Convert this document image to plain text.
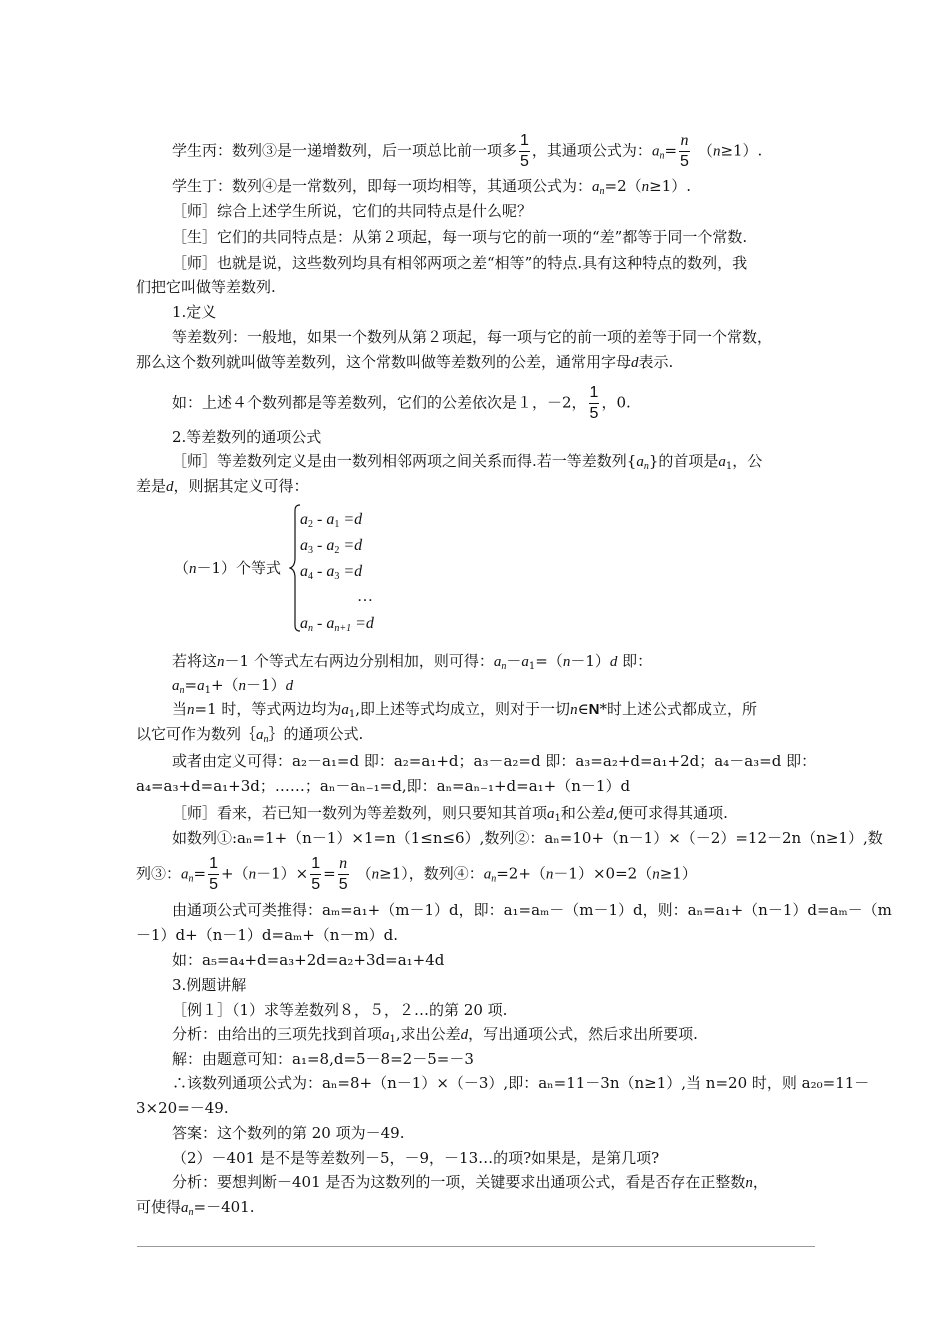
学生丙：数列③是一递增数列，后一项总比前一项多 $\frac{1}{5}$ ，其通项公式为：$a_n= \frac{n}{5} (n\ge 1)$.
学生丁：数列④是一常数列，即每一项均相等，其通项公式为：$a_n=2(n\ge 1)$.
［师］综合上述学生所说，它们的共同特点是什么呢？
［生］它们的共同特点是：从第２项起，每一项与它的前一项的“差”都等于同一个常数.
［师］也就是说，这些数列均具有相邻两项之差“相等”的特点.具有这种特点的数列，我
们把它叫做等差数列.
1.定义
等差数列：一般地，如果一个数列从第２项起，每一项与它的前一项的差等于同一个常数，
那么这个数列就叫做等差数列，这个常数叫做等差数列的公差，通常用字母d表示.
如：上述４个数列都是等差数列，它们的公差依次是１，－2， $\frac{1}{5}$ ，0.
2.等差数列的通项公式
［师］等差数列定义是由一数列相邻两项之间关系而得.若一等差数列$\{a_n\}$的首项是$a_1$，公
差是d，则据其定义可得：
（n－1）个等式
$a_2 - a_1 =d$
$a_3 - a_2 =d$
$a_4 - a_3 =d$
…
$a_n - a_{n+1} =d$
若将这n－1 个等式左右两边分别相加，则可得：$a_n-a_1=(n-1)d$ 即：
$a_n=a_1+(n-1)d$
当n=1 时，等式两边均为$a_1$,即上述等式均成立，则对于一切n∈N*时上述公式都成立，所
以它可作为数列$\{a_n\}$的通项公式.
或者由定义可得：a₂－a₁=d 即：a₂=a₁+d；a₃－a₂=d 即：a₃=a₂+d=a₁+2d；a₄－a₃=d 即：
a₄=a₃+d=a₁+3d；……；aₙ－aₙ₋₁=d,即：aₙ=aₙ₋₁+d=a₁+（n－1）d
［师］看来，若已知一数列为等差数列，则只要知其首项$a_1$和公差d,便可求得其通项.
如数列①:aₙ=1+（n－1）×1=n（1≤n≤6）,数列②：aₙ=10+（n－1）×（－2）=12－2n（n≥1）,数
列③：$a_n= \frac{1}{5} +(n-1)\times \frac{1}{5} = \frac{n}{5} (n\ge 1)$，数列④：$a_n=2+(n-1)\times 0=2(n\ge 1)$
由通项公式可类推得：aₘ=a₁+（m－1）d，即：a₁=aₘ－（m－1）d，则：aₙ=a₁+（n－1）d=aₘ－（m
－1）d+（n－1）d=aₘ+（n－m）d.
如：a₅=a₄+d=a₃+2d=a₂+3d=a₁+4d
3.例题讲解
［例１］（1）求等差数列８，５，２…的第 20 项.
分析：由给出的三项先找到首项$a_1$,求出公差d，写出通项公式，然后求出所要项.
解：由题意可知：a₁=8,d=5－8=2－5=－3
∴该数列通项公式为：aₙ=8+（n－1）×（－3）,即：aₙ=11－3n（n≥1）,当 n=20 时，则 a₂₀=11－
3×20=－49.
答案：这个数列的第 20 项为－49.
（2）－401 是不是等差数列－5，－9，－13…的项?如果是，是第几项?
分析：要想判断－401 是否为这数列的一项，关键要求出通项公式，看是否存在正整数n，
可使得$a_n=-401$.
